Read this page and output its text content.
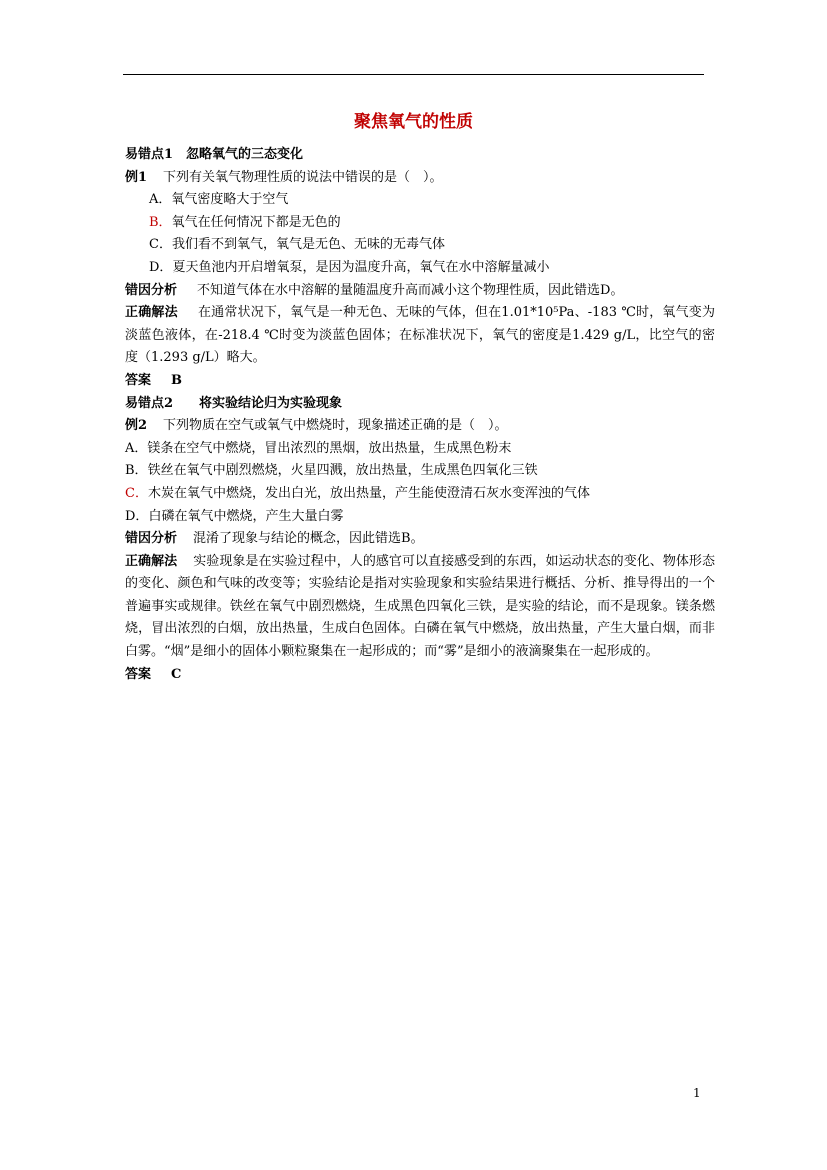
聚焦氧气的性质
易错点1　忽略氧气的三态变化
例1 下列有关氧气物理性质的说法中错误的是（　）。
A．氧气密度略大于空气
B．氧气在任何情况下都是无色的
C．我们看不到氧气，氧气是无色、无味的无毒气体
D．夏天鱼池内开启增氧泵，是因为温度升高，氧气在水中溶解量减小
错因分析 不知道气体在水中溶解的量随温度升高而减小这个物理性质，因此错选D。
正确解法 在通常状况下，氧气是一种无色、无味的气体，但在1.01*10⁵Pa、-183 ℃时，氧气变为淡蓝色液体，在-218.4 ℃时变为淡蓝色固体；在标准状况下，氧气的密度是1.429 g/L，比空气的密度（1.293 g/L）略大。
答案 B
易错点2　　将实验结论归为实验现象
例2 下列物质在空气或氧气中燃烧时，现象描述正确的是（　）。
A．镁条在空气中燃烧，冒出浓烈的黑烟，放出热量，生成黑色粉末
B．铁丝在氧气中剧烈燃烧，火星四溅，放出热量，生成黑色四氧化三铁
C．木炭在氧气中燃烧，发出白光，放出热量，产生能使澄清石灰水变浑浊的气体
D．白磷在氧气中燃烧，产生大量白雾
错因分析 混淆了现象与结论的概念，因此错选B。
正确解法 实验现象是在实验过程中，人的感官可以直接感受到的东西，如运动状态的变化、物体形态的变化、颜色和气味的改变等；实验结论是指对实验现象和实验结果进行概括、分析、推导得出的一个普遍事实或规律。铁丝在氧气中剧烈燃烧，生成黑色四氧化三铁，是实验的结论，而不是现象。镁条燃烧，冒出浓烈的白烟，放出热量，生成白色固体。白磷在氧气中燃烧，放出热量，产生大量白烟，而非白雾。“烟”是细小的固体小颗粒聚集在一起形成的；而“雾”是细小的液滴聚集在一起形成的。
答案 C
1
